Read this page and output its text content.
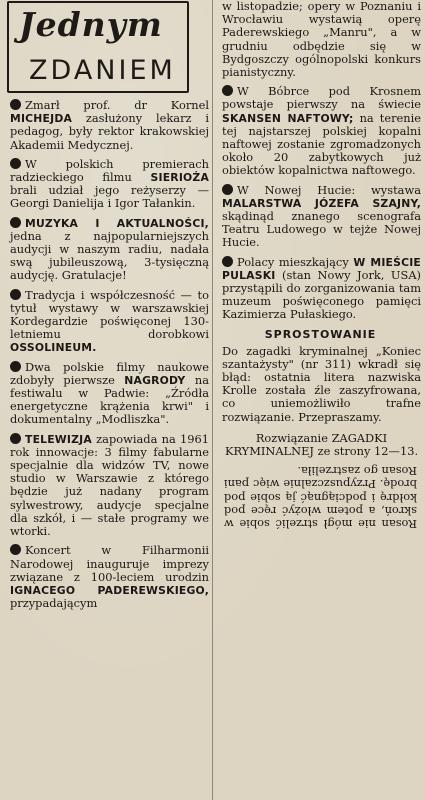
Jednym
ZDANIEM
Zmarł prof. dr Kornel MICHEJDA zasłużony lekarz i pedagog, były rektor krakowskiej Akademii Medycznej.
W polskich premierach radzieckiego filmu SIERIOŻA brali udział jego reżyserzy — Georgi Danielija i Igor Tałankin.
MUZYKA I AKTUALNOŚCI, jedna z najpopularniejszych audycji w naszym radiu, nadała swą jubileuszową, 3-tysięczną audycję. Gratulacje!
Tradycja i współczesność — to tytuł wystawy w warszawskiej Kordegardzie poświęconej 130-letniemu dorobkowi OSSOLINEUM.
Dwa polskie filmy naukowe zdobyły pierwsze NAGRODY na festiwalu w Padwie: „Źródła energetyczne krążenia krwi" i dokumentalny „Modliszka".
TELEWIZJA zapowiada na 1961 rok innowacje: 3 filmy fabularne specjalnie dla widzów TV, nowe studio w Warszawie z którego będzie już nadany program sylwestrowy, audycje specjalne dla szkół, i — stałe programy we wtorki.
Koncert w Filharmonii Narodowej inauguruje imprezy związane z 100-leciem urodzin IGNACEGO PADEREWSKIEGO, przypadającym
w listopadzie; opery w Poznaniu i Wrocławiu wystawią operę Paderewskiego „Manru", a w grudniu odbędzie się w Bydgoszczy ogólnopolski konkurs pianistyczny.
W Bóbrce pod Krosnem powstaje pierwszy na świecie SKANSEN NAFTOWY; na terenie tej najstarszej polskiej kopalni naftowej zostanie zgromadzonych około 20 zabytkowych już obiektów kopalnictwa naftowego.
W Nowej Hucie: wystawa MALARSTWA JÓZEFA SZAJNY, skądinąd znanego scenografa Teatru Ludowego w tejże Nowej Hucie.
Polacy mieszkający W MIEŚCIE PULASKI (stan Nowy Jork, USA) przystąpili do zorganizowania tam muzeum poświęconego pamięci Kazimierza Pułaskiego.
SPROSTOWANIE
Do zagadki kryminalnej „Koniec szantażysty" (nr 311) wkradł się błąd: ostatnia litera nazwiska Krolle została źle zaszyfrowana, co uniemożliwiło trafne rozwiązanie. Przepraszamy.
Rozwiązanie ZAGADKI KRYMINALNEJ ze strony 12—13.
Rosan nie mógł strzelić sobie w skroń, a potem włożyć ręce pod kołdrę i podciągnąć ją sobie pod brodę. Przypuszczalnie więc pani Rosan go zastrzeliła.
